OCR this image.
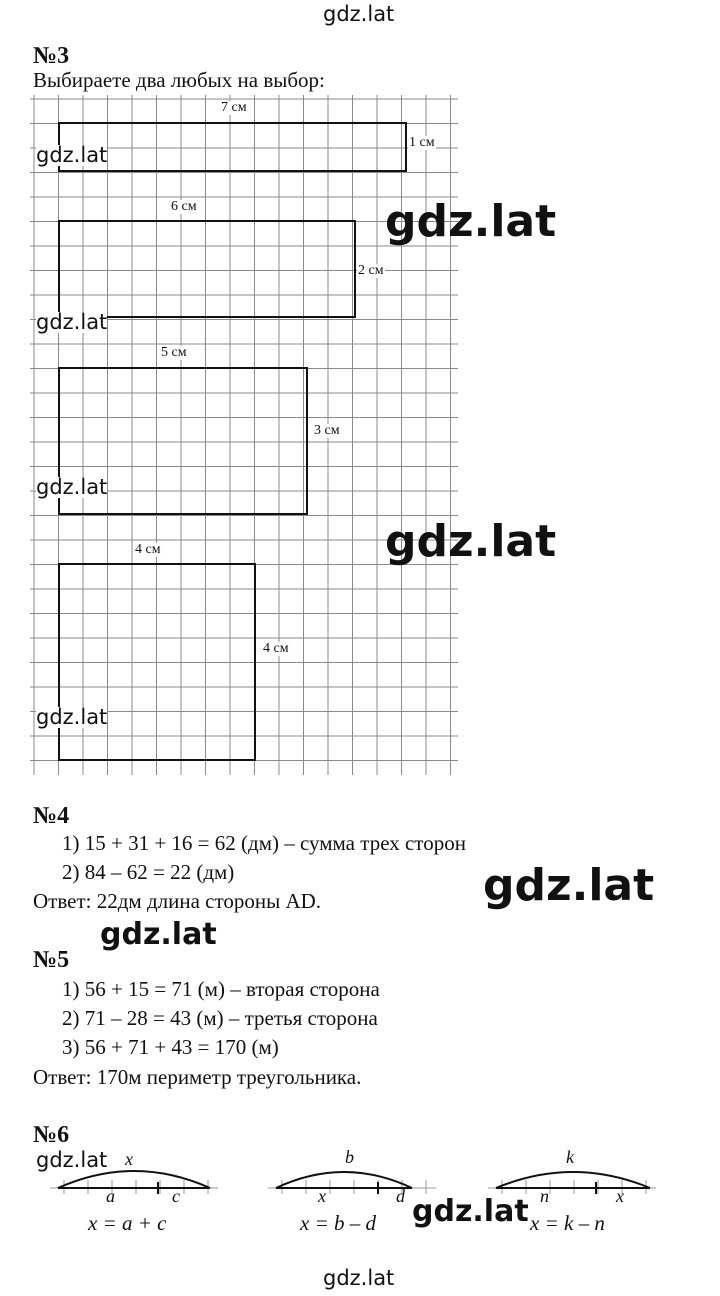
gdz.lat
№3
Выбираете два любых на выбор:
7 см
1 см
6 см
2 см
5 см
3 см
4 см
4 см
gdz.lat
gdz.lat
gdz.lat
gdz.lat
gdz.lat
gdz.lat
№4
1) 15 + 31 + 16 = 62 (дм) – сумма трех сторон
2) 84 – 62 = 22 (дм)
Ответ: 22дм длина стороны AD.	gdz.lat
gdz.lat
№5
1) 56 + 15 = 71 (м) – вторая сторона
2) 71 – 28 = 43 (м) – третья сторона
3) 56 + 71 + 43 = 170 (м)
Ответ: 170м периметр треугольника.
№6
x
a	c
x = a + c
gdz.lat	b
x	d
x = b – d
k
n	x
x = k – n
gdz.lat
gdz.lat
